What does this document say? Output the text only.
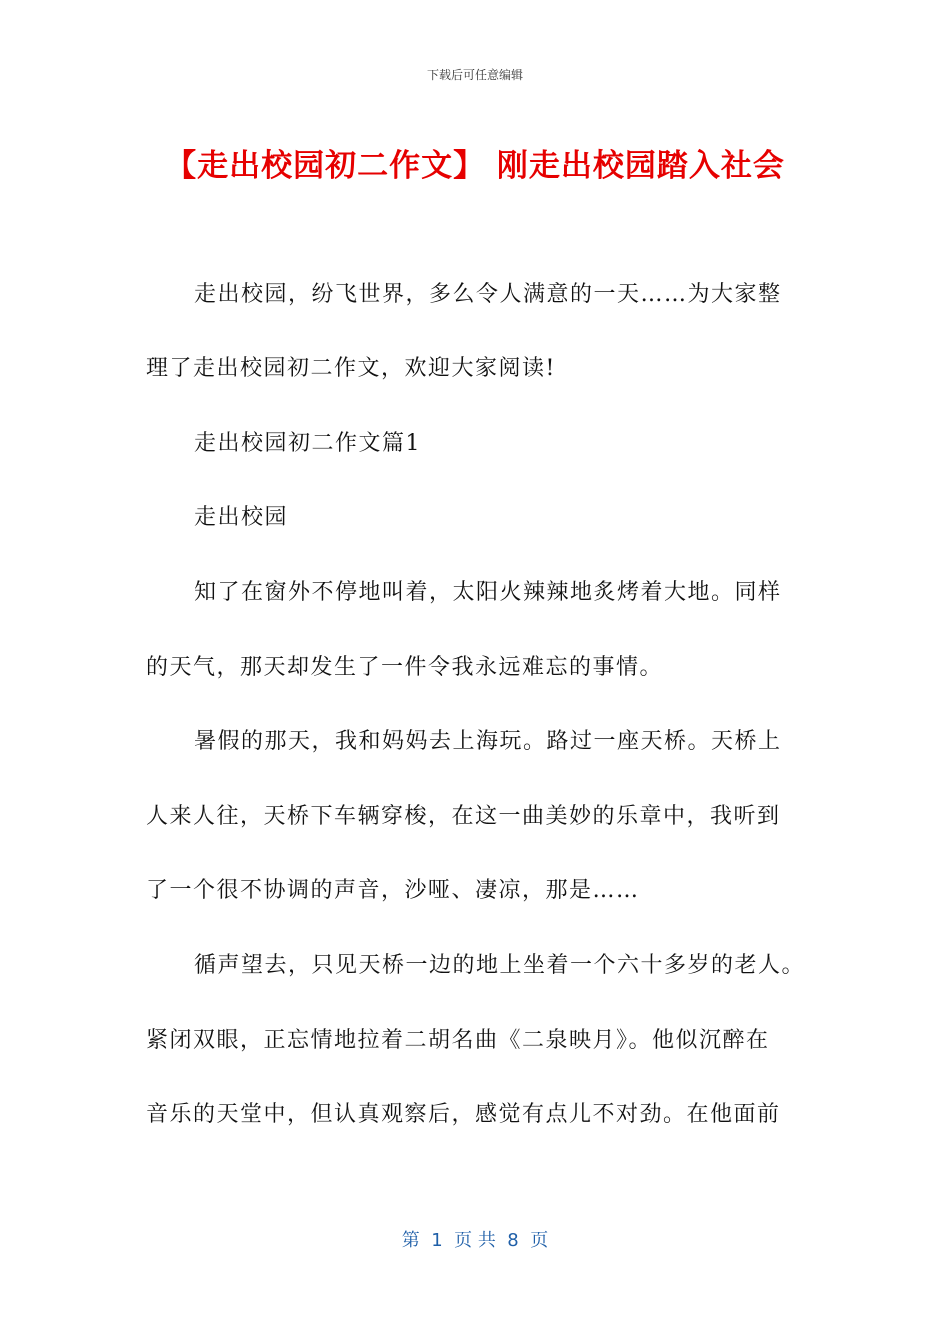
下载后可任意编辑
【走出校园初二作文】 刚走出校园踏入社会
走出校园，纷飞世界，多么令人满意的一天……为大家整
理了走出校园初二作文，欢迎大家阅读!
走出校园初二作文篇1
走出校园
知了在窗外不停地叫着，太阳火辣辣地炙烤着大地。同样
的天气，那天却发生了一件令我永远难忘的事情。
暑假的那天，我和妈妈去上海玩。路过一座天桥。天桥上
人来人往，天桥下车辆穿梭，在这一曲美妙的乐章中，我听到
了一个很不协调的声音，沙哑、凄凉，那是……
循声望去，只见天桥一边的地上坐着一个六十多岁的老人。
紧闭双眼，正忘情地拉着二胡名曲《二泉映月》。他似沉醉在
音乐的天堂中，但认真观察后，感觉有点儿不对劲。在他面前
第  1  页 共  8  页
